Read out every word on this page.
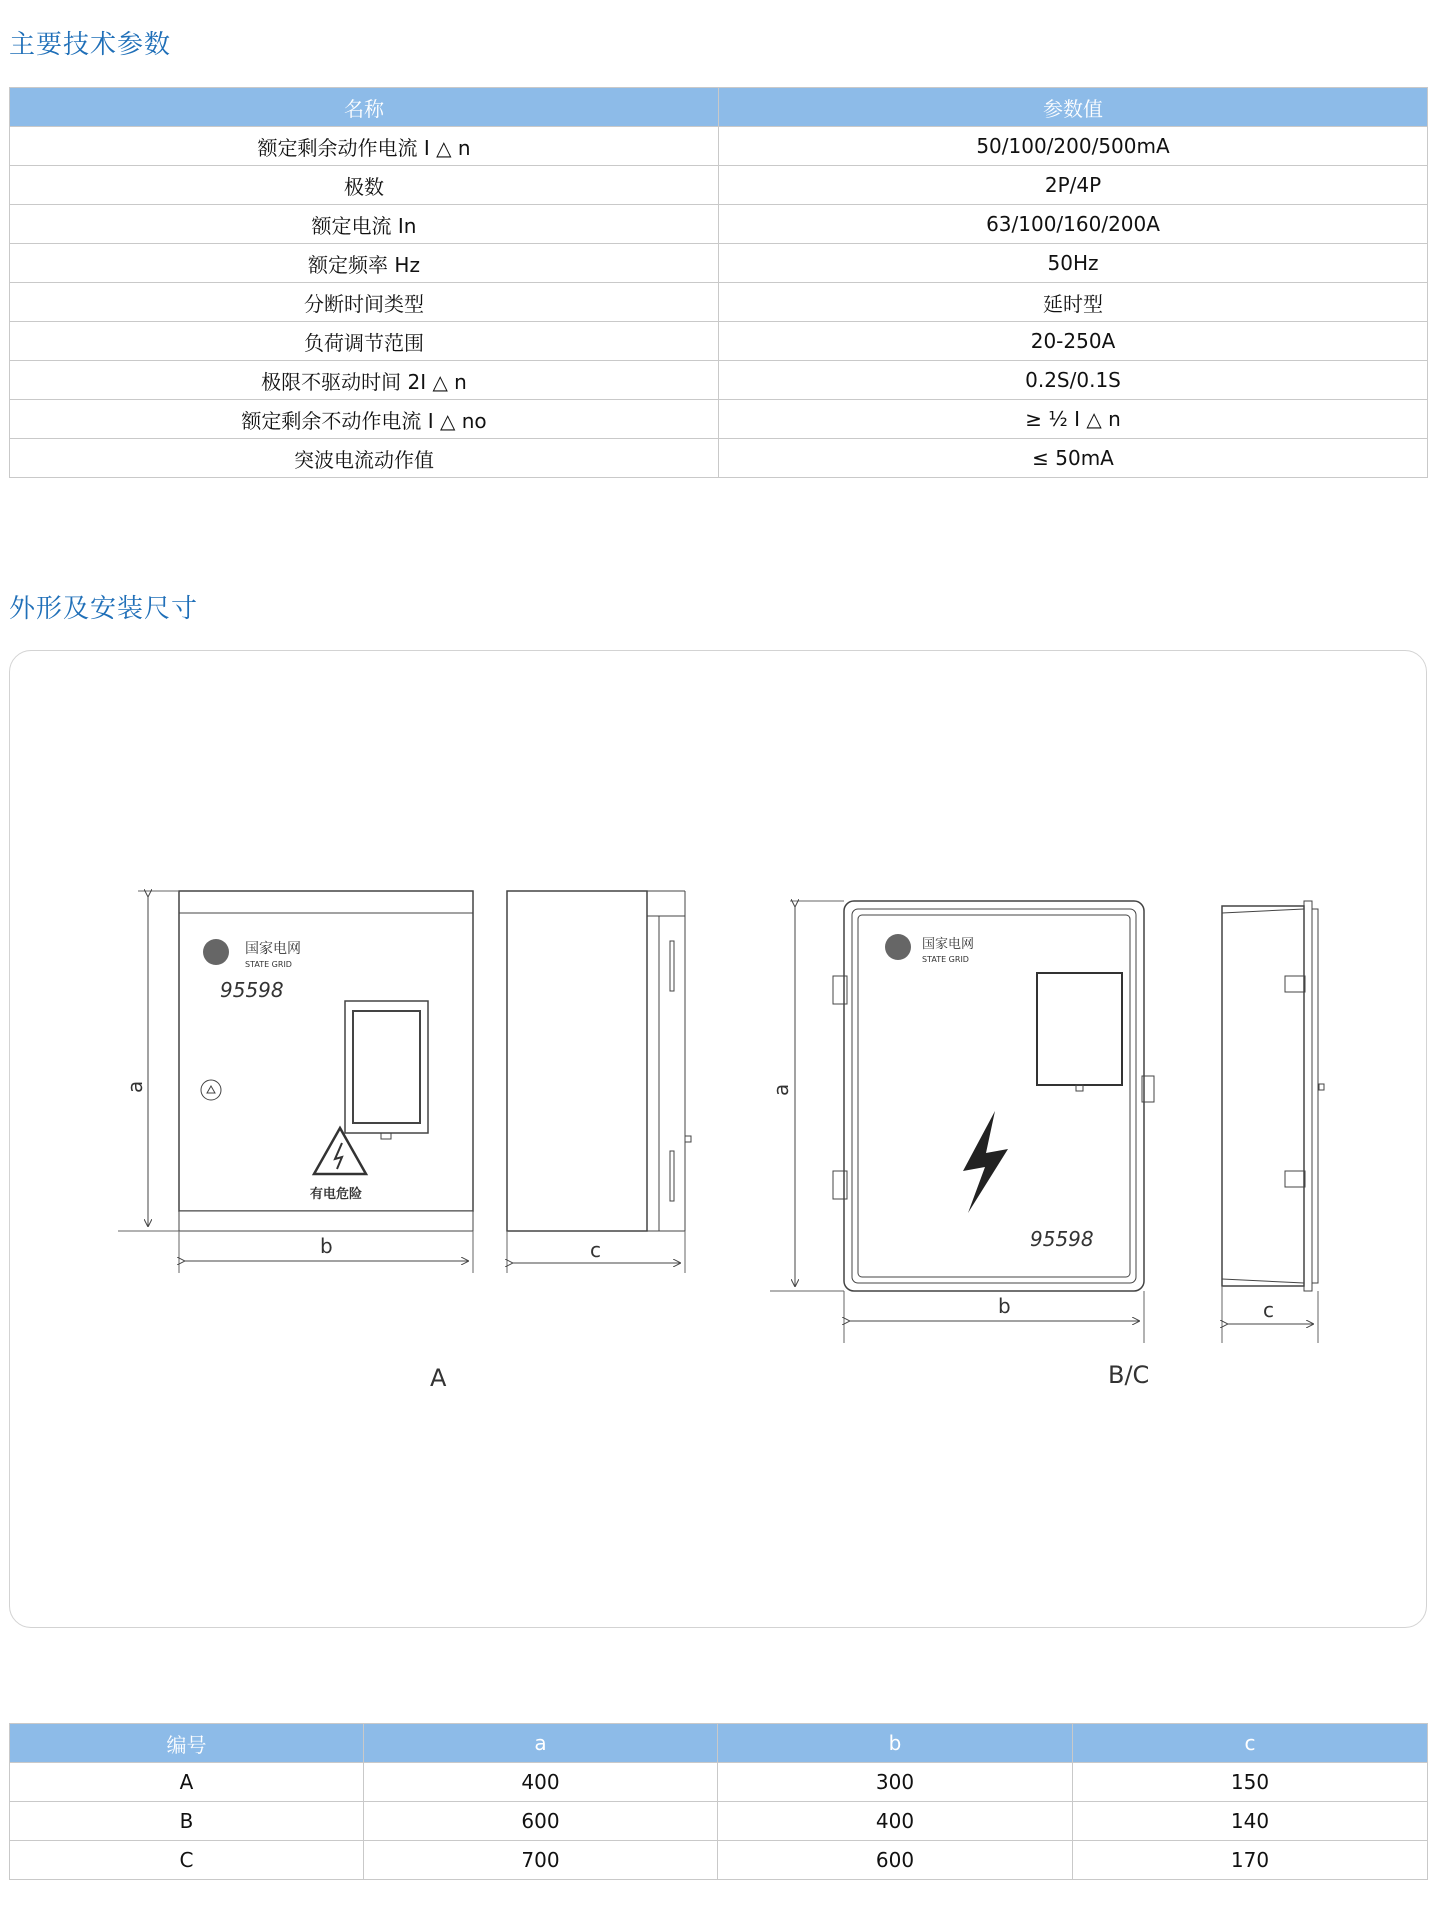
主要技术参数
名称	参数值
额定剩余动作电流 I △ n	50/100/200/500mA
极数	2P/4P
额定电流 In	63/100/160/200A
额定频率 Hz	50Hz
分断时间类型	延时型
负荷调节范围	20-250A
极限不驱动时间 2I △ n	0.2S/0.1S
额定剩余不动作电流 I △ no	≥ ½ I △ n
突波电流动作值	≤ 50mA
外形及安装尺寸
国家电网
STATE GRID
95598
有电危险
a
b	c
A
国家电网
STATE GRID
95598
a
b	c
B/C
编号	a	b	c
A	400	300	150
B	600	400	140
C	700	600	170
